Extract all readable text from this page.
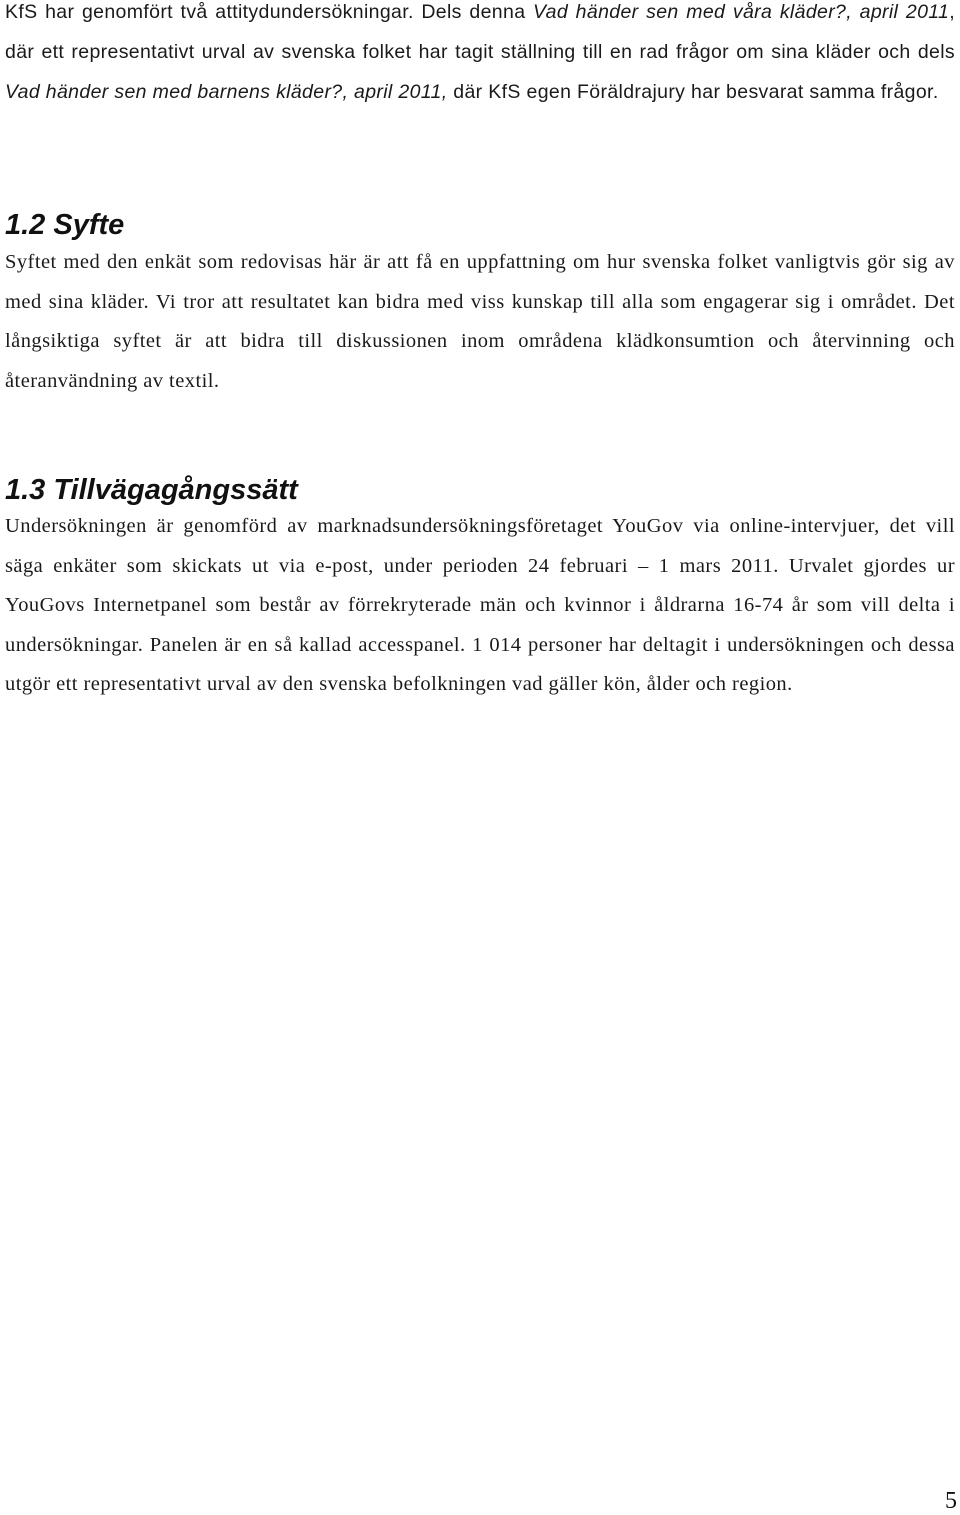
KfS har genomfört två attitydundersökningar. Dels denna Vad händer sen med våra kläder?, april 2011, där ett representativt urval av svenska folket har tagit ställning till en rad frågor om sina kläder och dels Vad händer sen med barnens kläder?, april 2011, där KfS egen Föräldrajury har besvarat samma frågor.

1.2 Syfte

Syftet med den enkät som redovisas här är att få en uppfattning om hur svenska folket vanligtvis gör sig av med sina kläder. Vi tror att resultatet kan bidra med viss kunskap till alla som engagerar sig i området. Det långsiktiga syftet är att bidra till diskussionen inom områdena klädkonsumtion och återvinning och återanvändning av textil.

1.3 Tillvägagångssätt

Undersökningen är genomförd av marknadsundersökningsföretaget YouGov via online-intervjuer, det vill säga enkäter som skickats ut via e-post, under perioden 24 februari – 1 mars 2011. Urvalet gjordes ur YouGovs Internetpanel som består av förrekryterade män och kvinnor i åldrarna 16-74 år som vill delta i undersökningar. Panelen är en så kallad accesspanel. 1 014 personer har deltagit i undersökningen och dessa utgör ett representativt urval av den svenska befolkningen vad gäller kön, ålder och region.

5
